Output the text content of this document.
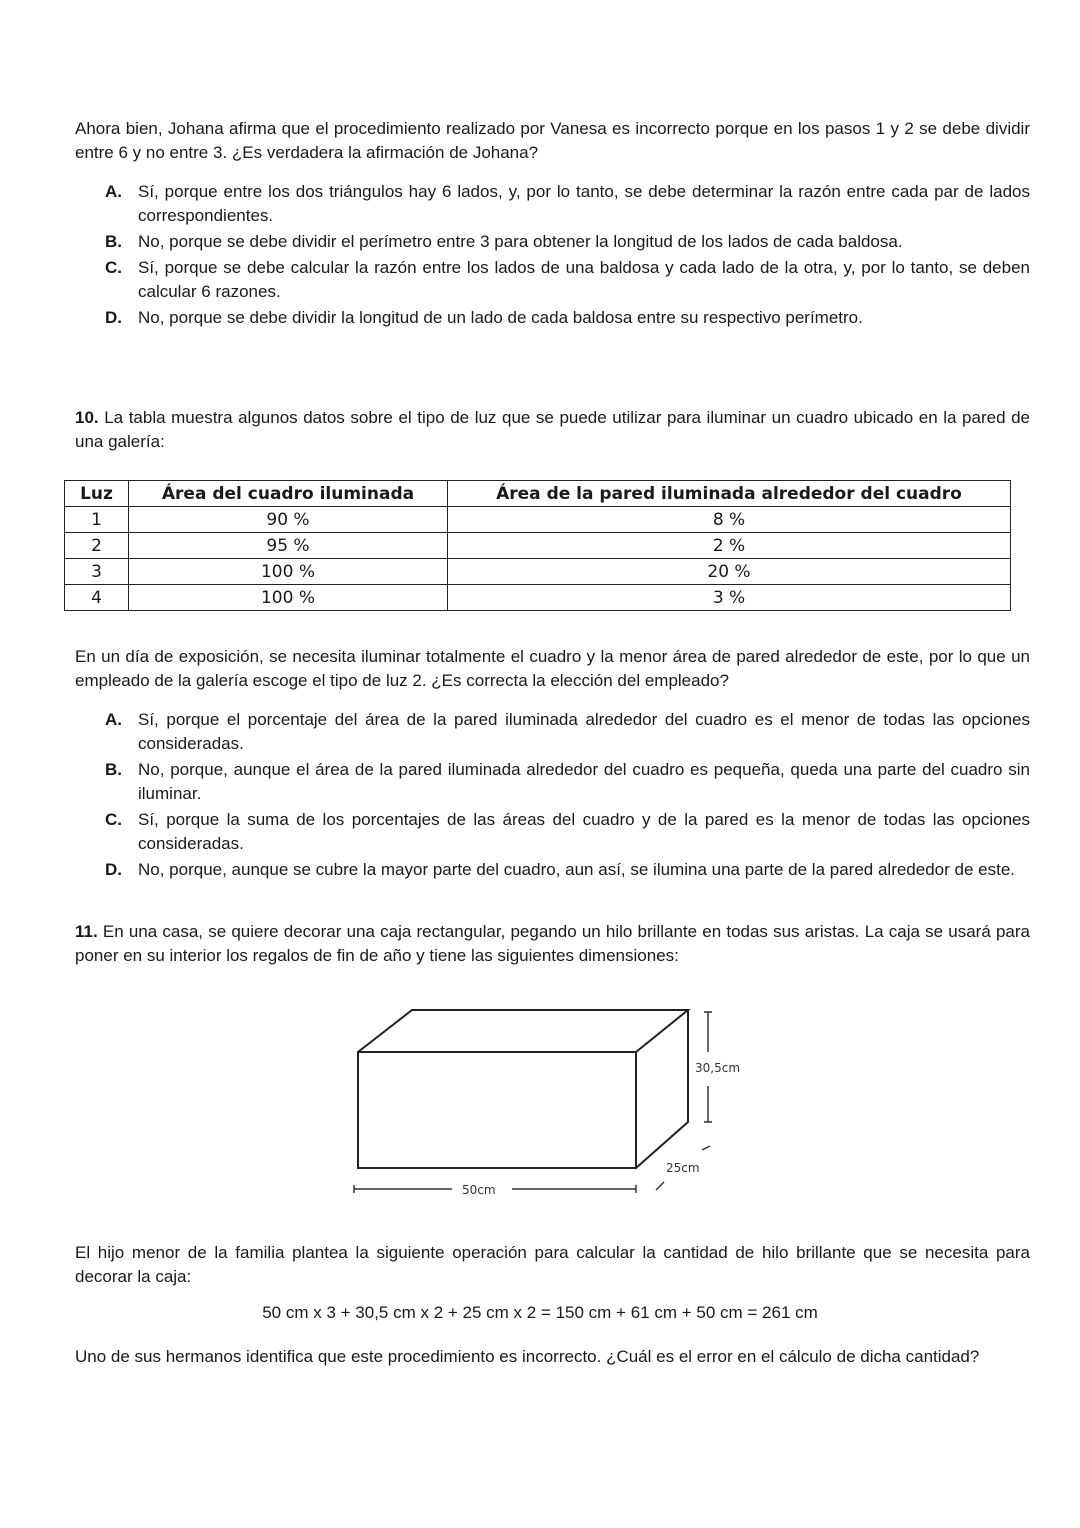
Ahora bien, Johana afirma que el procedimiento realizado por Vanesa es incorrecto porque en los pasos 1 y 2 se debe dividir entre 6 y no entre 3. ¿Es verdadera la afirmación de Johana?

A. Sí, porque entre los dos triángulos hay 6 lados, y, por lo tanto, se debe determinar la razón entre cada par de lados correspondientes.
B. No, porque se debe dividir el perímetro entre 3 para obtener la longitud de los lados de cada baldosa.
C. Sí, porque se debe calcular la razón entre los lados de una baldosa y cada lado de la otra, y, por lo tanto, se deben calcular 6 razones.
D. No, porque se debe dividir la longitud de un lado de cada baldosa entre su respectivo perímetro.

10. La tabla muestra algunos datos sobre el tipo de luz que se puede utilizar para iluminar un cuadro ubicado en la pared de una galería:

Luz	Área del cuadro iluminada	Área de la pared iluminada alrededor del cuadro
1	90 %	8 %
2	95 %	2 %
3	100 %	20 %
4	100 %	3 %

En un día de exposición, se necesita iluminar totalmente el cuadro y la menor área de pared alrededor de este, por lo que un empleado de la galería escoge el tipo de luz 2. ¿Es correcta la elección del empleado?

A. Sí, porque el porcentaje del área de la pared iluminada alrededor del cuadro es el menor de todas las opciones consideradas.
B. No, porque, aunque el área de la pared iluminada alrededor del cuadro es pequeña, queda una parte del cuadro sin iluminar.
C. Sí, porque la suma de los porcentajes de las áreas del cuadro y de la pared es la menor de todas las opciones consideradas.
D. No, porque, aunque se cubre la mayor parte del cuadro, aun así, se ilumina una parte de la pared alrededor de este.

11. En una casa, se quiere decorar una caja rectangular, pegando un hilo brillante en todas sus aristas. La caja se usará para poner en su interior los regalos de fin de año y tiene las siguientes dimensiones:

30,5cm
25cm
50cm

El hijo menor de la familia plantea la siguiente operación para calcular la cantidad de hilo brillante que se necesita para decorar la caja:

50 cm x 3 + 30,5 cm x 2 + 25 cm x 2 = 150 cm + 61 cm + 50 cm = 261 cm

Uno de sus hermanos identifica que este procedimiento es incorrecto. ¿Cuál es el error en el cálculo de dicha cantidad?
